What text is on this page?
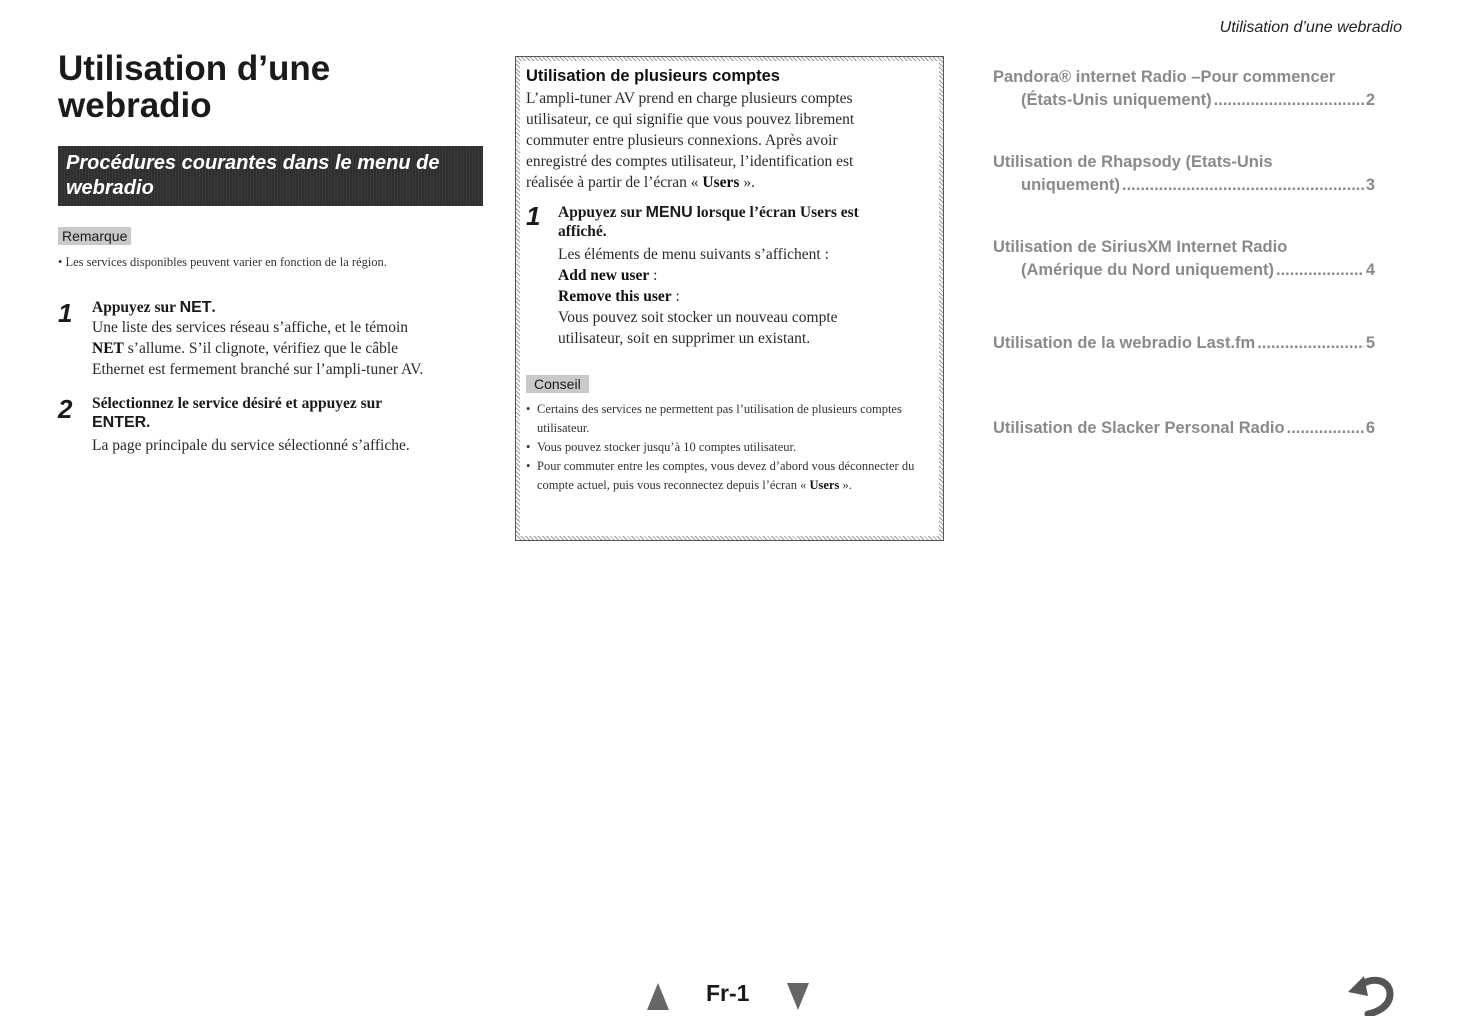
Utilisation d’une webradio
Utilisation d’une
webradio
Procédures courantes dans le menu de
webradio
Remarque
• Les services disponibles peuvent varier en fonction de la région.
1 Appuyez sur NET.
Une liste des services réseau s’affiche, et le témoin
NET s’allume. S’il clignote, vérifiez que le câble
Ethernet est fermement branché sur l’ampli-tuner AV.
2 Sélectionnez le service désiré et appuyez sur
ENTER.
La page principale du service sélectionné s’affiche.
Utilisation de plusieurs comptes
L’ampli-tuner AV prend en charge plusieurs comptes
utilisateur, ce qui signifie que vous pouvez librement
commuter entre plusieurs connexions. Après avoir
enregistré des comptes utilisateur, l’identification est
réalisée à partir de l’écran « Users ».
1 Appuyez sur MENU lorsque l’écran Users est
affiché.
Les éléments de menu suivants s’affichent :
Add new user :
Remove this user :
Vous pouvez soit stocker un nouveau compte
utilisateur, soit en supprimer un existant.
Conseil
• Certains des services ne permettent pas l’utilisation de plusieurs comptes utilisateur.
• Vous pouvez stocker jusqu’à 10 comptes utilisateur.
• Pour commuter entre les comptes, vous devez d’abord vous déconnecter du compte actuel, puis vous reconnectez depuis l’écran « Users ».
Pandora® internet Radio –Pour commencer
(États-Unis uniquement) .....	2
Utilisation de Rhapsody (Etats-Unis
uniquement) .....	3
Utilisation de SiriusXM Internet Radio
(Amérique du Nord uniquement) .....	4
Utilisation de la webradio Last.fm .....	5
Utilisation de Slacker Personal Radio .....	6
Fr-1
